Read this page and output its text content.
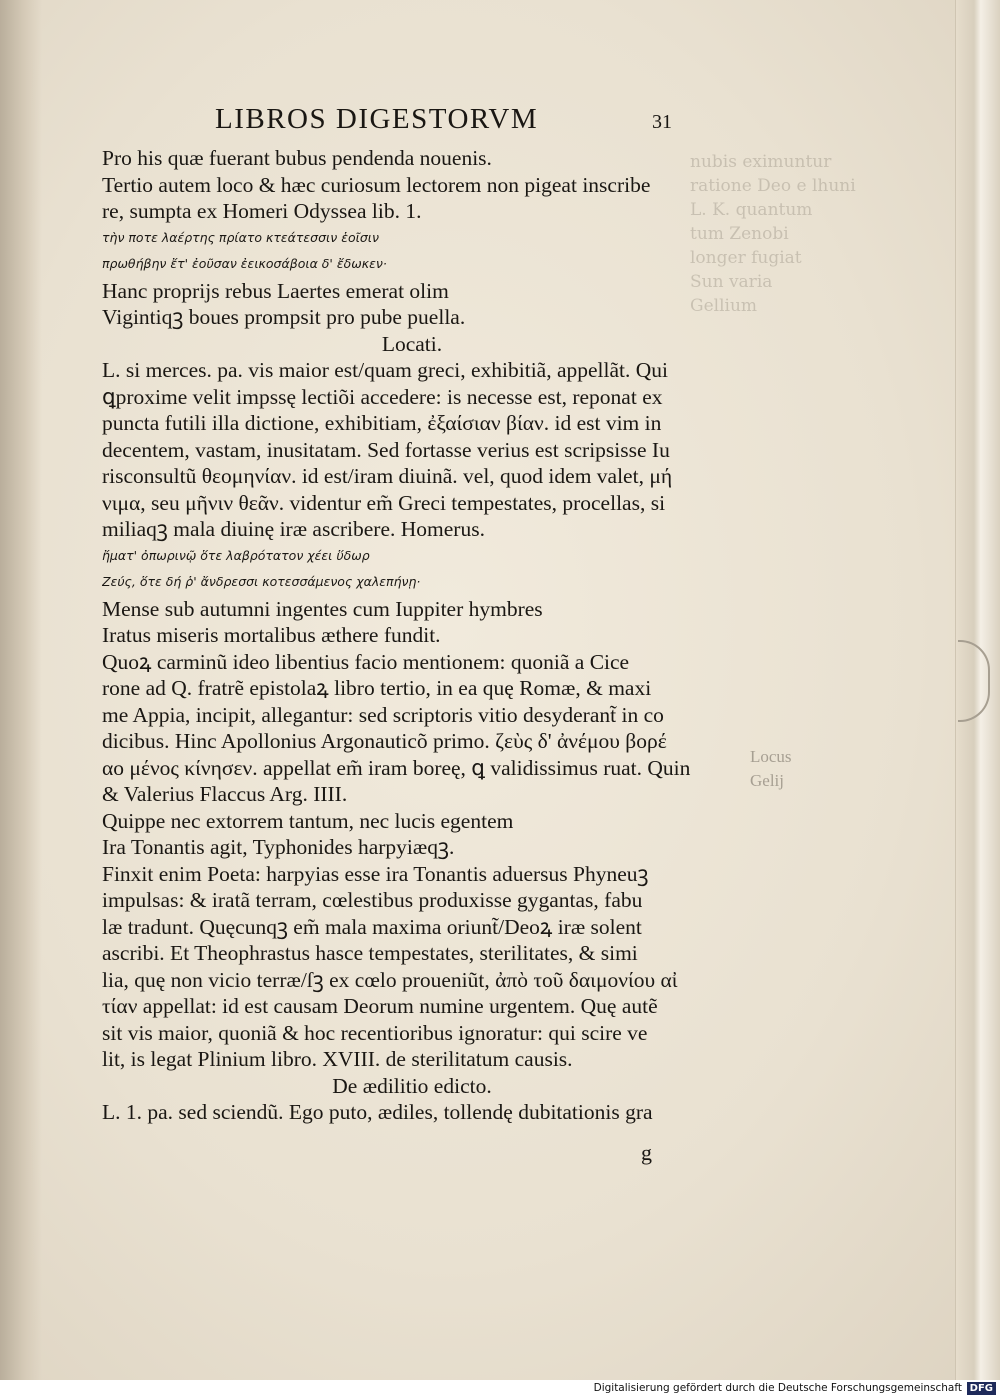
nubis eximuntur
ratione Deo e lhuni
L. K. quantum
tum Zenobi
longer fugiat
Sun varia
Gellium
Locus
Gelij
LIBROS DIGESTORVM	31
Pro his quæ fuerant bubus pendenda nouenis.
Tertio autem loco & hæc curiosum lectorem non pigeat inscribe
re, sumpta ex Homeri Odyssea lib. 1.
τὴν ποτε λαέρτης πρίατο κτεάτεσσιν ἑοῖσιν
πρωθήβην ἔτ' ἐοῦσαν ἐεικοσάβοια δ' ἔδωκεν·
Hanc proprijs rebus Laertes emerat olim
Vigintiqꝫ boues prompsit pro pube puella.
Locati.
L. si merces. pa. vis maior est/quam greci, exhibitiã, appellãt. Qui
ꝗproxime velit impssę lectiõi accedere: is necesse est, reponat ex
puncta futili illa dictione, exhibitiam, ἐξαίσιαν βίαν. id est vim in
decentem, vastam, inusitatam. Sed fortasse verius est scripsisse Iu
risconsultũ θεομηνίαν. id est/iram diuinã. vel, quod idem valet, μή
νιμα, seu μῆνιν θεᾶν. videntur em̃ Greci tempestates, procellas, si
miliaqꝫ mala diuinę iræ ascribere. Homerus.
ἤματ' ὀπωρινῷ ὅτε λαβρότατον χέει ὕδωρ
Ζεύς, ὅτε δή ῥ' ἄνδρεσσι κοτεσσάμενος χαλεπήνῃ·
Mense sub autumni ingentes cum Iuppiter hymbres
Iratus miseris mortalibus æthere fundit.
Quoꝝ carminũ ideo libentius facio mentionem: quoniã a Cice
rone ad Q. fratrẽ epistolaꝝ libro tertio, in ea quę Romæ, & maxi
me Appia, incipit, allegantur: sed scriptoris vitio desyderant̃ in co
dicibus. Hinc Apollonius Argonauticõ primo. ζεὺς δ' ἀνέμου βορέ
αο μένος κίνησεν. appellat em̃ iram boreę, ꝗ validissimus ruat. Quin
& Valerius Flaccus Arg. IIII.
Quippe nec extorrem tantum, nec lucis egentem
Ira Tonantis agit, Typhonides harpyiæqꝫ.
Finxit enim Poeta: harpyias esse ira Tonantis aduersus Phyneuꝫ
impulsas: & iratã terram, cœlestibus produxisse gygantas, fabu
læ tradunt. Quęcunqꝫ em̃ mala maxima oriunt̃/Deoꝝ iræ solent
ascribi. Et Theophrastus hasce tempestates, sterilitates, & simi
lia, quę non vicio terræ/ſꝫ ex cœlo proueniũt, ἀπὸ τοῦ δαιμονίου αἰ
τίαν appellat: id est causam Deorum numine urgentem. Quę autẽ
sit vis maior, quoniã & hoc recentioribus ignoratur: qui scire ve
lit, is legat Plinium libro. XVIII. de sterilitatum causis.
De ædilitio edicto.
L. 1. pa. sed sciendũ. Ego puto, ædiles, tollendę dubitationis gra
g
Digitalisierung gefördert durch die Deutsche Forschungsgemeinschaft DFG
